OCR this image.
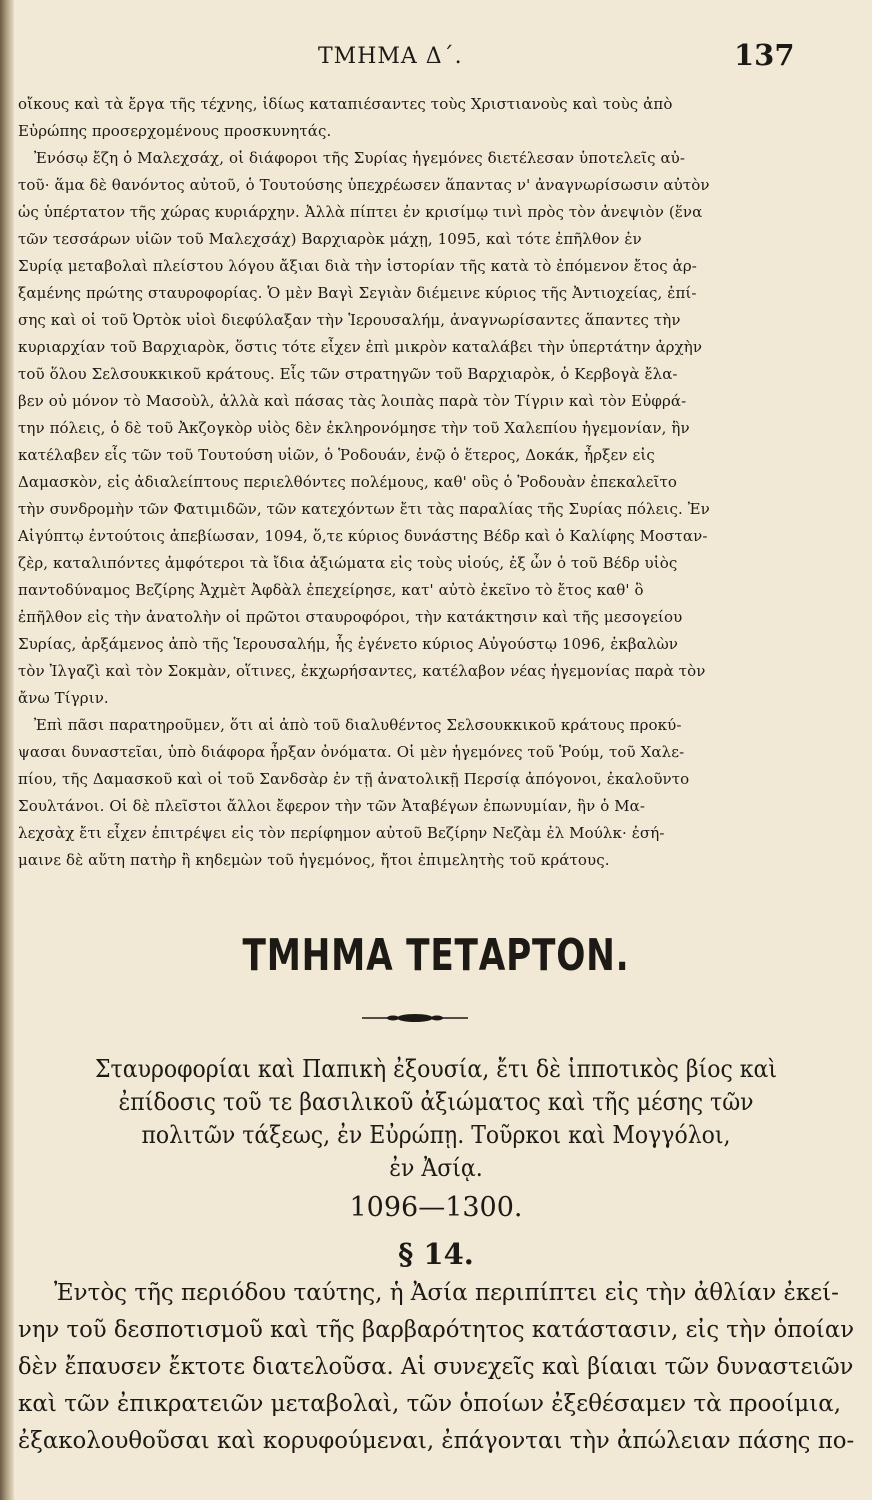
ΤΜΗΜΑ Δ΄.	137
οἴκους καὶ τὰ ἔργα τῆς τέχνης, ἰδίως καταπιέσαντες τοὺς Χριστιανοὺς καὶ τοὺς ἀπὸ
Εὐρώπης προσερχομένους προσκυνητάς.
Ἐνόσῳ ἔζη ὁ Μαλεχσάχ, οἱ διάφοροι τῆς Συρίας ἡγεμόνες διετέλεσαν ὑποτελεῖς αὐ-
τοῦ· ἅμα δὲ θανόντος αὐτοῦ, ὁ Τουτούσης ὑπεχρέωσεν ἅπαντας ν' ἀναγνωρίσωσιν αὐτὸν
ὡς ὑπέρτατον τῆς χώρας κυριάρχην. Ἀλλὰ πίπτει ἐν κρισίμῳ τινὶ πρὸς τὸν ἀνεψιὸν (ἕνα
τῶν τεσσάρων υἱῶν τοῦ Μαλεχσάχ) Βαρχιαρὸκ μάχῃ, 1095, καὶ τότε ἐπῆλθον ἐν
Συρίᾳ μεταβολαὶ πλείστου λόγου ἄξιαι διὰ τὴν ἱστορίαν τῆς κατὰ τὸ ἐπόμενον ἔτος ἀρ-
ξαμένης πρώτης σταυροφορίας. Ὁ μὲν Βαγὶ Σεγιὰν διέμεινε κύριος τῆς Ἀντιοχείας, ἐπί-
σης καὶ οἱ τοῦ Ὀρτὸκ υἱοὶ διεφύλαξαν τὴν Ἱερουσαλήμ, ἀναγνωρίσαντες ἅπαντες τὴν
κυριαρχίαν τοῦ Βαρχιαρὸκ, ὅστις τότε εἶχεν ἐπὶ μικρὸν καταλάβει τὴν ὑπερτάτην ἀρχὴν
τοῦ ὅλου Σελσουκκικοῦ κράτους. Εἷς τῶν στρατηγῶν τοῦ Βαρχιαρὸκ, ὁ Κερβογὰ ἔλα-
βεν οὐ μόνον τὸ Μασοὺλ, ἀλλὰ καὶ πάσας τὰς λοιπὰς παρὰ τὸν Τίγριν καὶ τὸν Εὐφρά-
την πόλεις, ὁ δὲ τοῦ Ἀκζογκὸρ υἱὸς δὲν ἐκληρονόμησε τὴν τοῦ Χαλεπίου ἡγεμονίαν, ἣν
κατέλαβεν εἷς τῶν τοῦ Τουτούση υἱῶν, ὁ Ῥοδουάν, ἐνῷ ὁ ἕτερος, Δοκάκ, ἦρξεν εἰς
Δαμασκὸν, εἰς ἀδιαλείπτους περιελθόντες πολέμους, καθ' οὓς ὁ Ῥοδουὰν ἐπεκαλεῖτο
τὴν συνδρομὴν τῶν Φατιμιδῶν, τῶν κατεχόντων ἔτι τὰς παραλίας τῆς Συρίας πόλεις. Ἐν
Αἰγύπτῳ ἐντούτοις ἀπεβίωσαν, 1094, ὅ,τε κύριος δυνάστης Βέδρ καὶ ὁ Καλίφης Μοσταν-
ζὲρ, καταλιπόντες ἀμφότεροι τὰ ἴδια ἀξιώματα εἰς τοὺς υἱούς, ἐξ ὧν ὁ τοῦ Βέδρ υἱὸς
παντοδύναμος Βεζίρης Ἀχμὲτ Ἀφδὰλ ἐπεχείρησε, κατ' αὐτὸ ἐκεῖνο τὸ ἔτος καθ' ὃ
ἐπῆλθον εἰς τὴν ἀνατολὴν οἱ πρῶτοι σταυροφόροι, τὴν κατάκτησιν καὶ τῆς μεσογείου
Συρίας, ἀρξάμενος ἀπὸ τῆς Ἱερουσαλήμ, ἧς ἐγένετο κύριος Αὐγούστῳ 1096, ἐκβαλὼν
τὸν Ἰλγαζὶ καὶ τὸν Σοκμὰν, οἵτινες, ἐκχωρήσαντες, κατέλαβον νέας ἡγεμονίας παρὰ τὸν
ἄνω Τίγριν.
Ἐπὶ πᾶσι παρατηροῦμεν, ὅτι αἱ ἀπὸ τοῦ διαλυθέντος Σελσουκκικοῦ κράτους προκύ-
ψασαι δυναστεῖαι, ὑπὸ διάφορα ἦρξαν ὀνόματα. Οἱ μὲν ἡγεμόνες τοῦ Ῥούμ, τοῦ Χαλε-
πίου, τῆς Δαμασκοῦ καὶ οἱ τοῦ Σανδσὰρ ἐν τῇ ἀνατολικῇ Περσίᾳ ἀπόγονοι, ἐκαλοῦντο
Σουλτάνοι. Οἱ δὲ πλεῖστοι ἄλλοι ἔφερον τὴν τῶν Ἀταβέγων ἐπωνυμίαν, ἣν ὁ Μα-
λεχσὰχ ἔτι εἶχεν ἐπιτρέψει εἰς τὸν περίφημον αὐτοῦ Βεζίρην Νεζὰμ ἐλ Μούλκ· ἐσή-
μαινε δὲ αὕτη πατὴρ ἢ κηδεμὼν τοῦ ἡγεμόνος, ἤτοι ἐπιμελητὴς τοῦ κράτους.
ΤΜΗΜΑ ΤΕΤΑΡΤΟΝ.
Σταυροφορίαι καὶ Παπικὴ ἐξουσία, ἔτι δὲ ἱπποτικὸς βίος καὶ
ἐπίδοσις τοῦ τε βασιλικοῦ ἀξιώματος καὶ τῆς μέσης τῶν
πολιτῶν τάξεως, ἐν Εὐρώπῃ. Τοῦρκοι καὶ Μογγόλοι,
ἐν Ἀσίᾳ.
1096—1300.
§ 14.
Ἐντὸς τῆς περιόδου ταύτης, ἡ Ἀσία περιπίπτει εἰς τὴν ἀθλίαν ἐκεί-
νην τοῦ δεσποτισμοῦ καὶ τῆς βαρβαρότητος κατάστασιν, εἰς τὴν ὁποίαν
δὲν ἔπαυσεν ἔκτοτε διατελοῦσα. Αἱ συνεχεῖς καὶ βίαιαι τῶν δυναστειῶν
καὶ τῶν ἐπικρατειῶν μεταβολαὶ, τῶν ὁποίων ἐξεθέσαμεν τὰ προοίμια,
ἐξακολουθοῦσαι καὶ κορυφούμεναι, ἐπάγονται τὴν ἀπώλειαν πάσης πο-
